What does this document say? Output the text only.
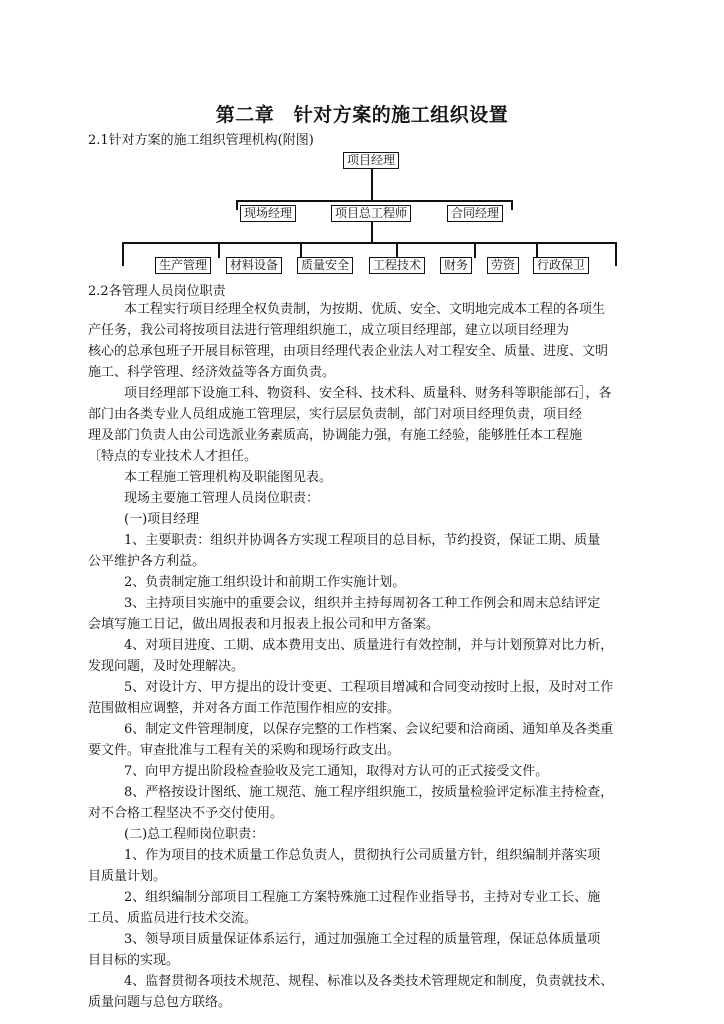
第二章　针对方案的施工组织设置
2.1针对方案的施工组织管理机构(附图)
项目经理
现场经理	项目总工程师	合同经理
生产管理	材料设备	质量安全	工程技术	财务	劳资	行政保卫
2.2各管理人员岗位职责
本工程实行项目经理全权负责制，为按期、优质、安全、文明地完成本工程的各项生
产任务，我公司将按项目法进行管理组织施工，成立项目经理部，建立以项目经理为
核心的总承包班子开展目标管理，由项目经理代表企业法人对工程安全、质量、进度、文明
施工、科学管理、经济效益等各方面负责。
项目经理部下设施工科、物资科、安全科、技术科、质量科、财务科等职能部石］，各
部门由各类专业人员组成施工管理层，实行层层负责制，部门对项目经理负责，项目经
理及部门负责人由公司选派业务素质高，协调能力强，有施工经验，能够胜任本工程施
〔特点的专业技术人才担任。
本工程施工管理机构及职能图见表。
现场主要施工管理人员岗位职责：
(一)项目经理
1、主要职责：组织并协调各方实现工程项目的总目标，节约投资，保证工期、质量
公平维护各方利益。
2、负责制定施工组织设计和前期工作实施计划。
3、主持项目实施中的重要会议，组织并主持每周初各工种工作例会和周末总结评定
会填写施工日记，做出周报表和月报表上报公司和甲方备案。
4、对项目进度、工期、成本费用支出、质量进行有效控制，并与计划预算对比力析，
发现问题，及时处理解决。
5、对设计方、甲方提出的设计变更、工程项目增减和合同变动按时上报，及时对工作
范围做相应调整，并对各方面工作范围作相应的安排。
6、制定文件管理制度，以保存完整的工作档案、会议纪要和洽商函、通知单及各类重
要文件。审查批准与工程有关的采购和现场行政支出。
7、向甲方提出阶段检查验收及完工通知，取得对方认可的正式接受文件。
8、严格按设计图纸、施工规范、施工程序组织施工，按质量检验评定标准主持检查，
对不合格工程坚决不予交付使用。
(二)总工程师岗位职责：
1、作为项目的技术质量工作总负责人，贯彻执行公司质量方针，组织编制并落实项
目质量计划。
2、组织编制分部项目工程施工方案特殊施工过程作业指导书，主持对专业工长、施
工员、质监员进行技术交流。
3、领导项目质量保证体系运行，通过加强施工全过程的质量管理，保证总体质量项
目目标的实现。
4、监督贯彻各项技术规范、规程、标准以及各类技术管理规定和制度，负责就技术、
质量问题与总包方联络。
